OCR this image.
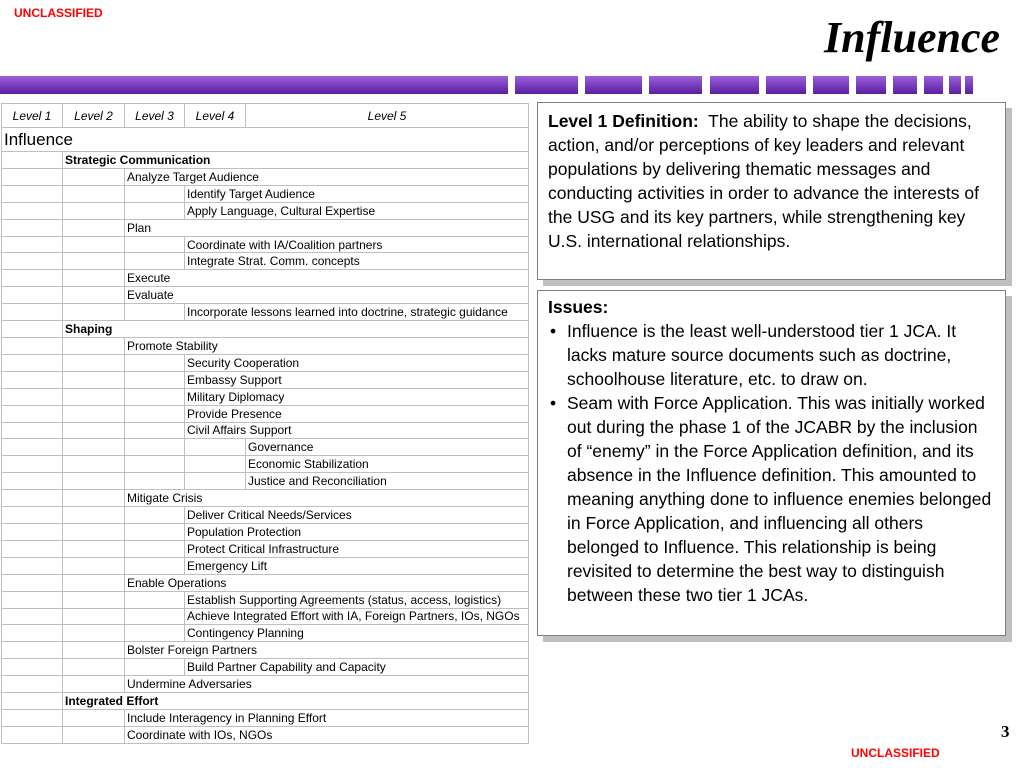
UNCLASSIFIED	Influence
Level 1	Level 2	Level 3	Level 4	Level 5
Influence				
	Strategic Communication			
		Analyze Target Audience		
			Identify Target Audience	
			Apply Language, Cultural Expertise	
		Plan		
			Coordinate with IA/Coalition partners	
			Integrate Strat. Comm. concepts	
		Execute		
		Evaluate		
			Incorporate lessons learned into doctrine, strategic guidance	
	Shaping			
		Promote Stability		
			Security Cooperation	
			Embassy Support	
			Military Diplomacy	
			Provide Presence	
			Civil Affairs Support	
				Governance
				Economic Stabilization
				Justice and Reconciliation
		Mitigate Crisis		
			Deliver Critical Needs/Services	
			Population Protection	
			Protect Critical Infrastructure	
			Emergency Lift	
		Enable Operations		
			Establish Supporting Agreements (status, access, logistics)	
			Achieve Integrated Effort with IA, Foreign Partners, IOs, NGOs	
			Contingency Planning	
		Bolster Foreign Partners		
			Build Partner Capability and Capacity	
		Undermine Adversaries		
	Integrated Effort			
		Include Interagency in Planning Effort		
		Coordinate with IOs, NGOs		
Level 1 Definition: The ability to shape the decisions, action, and/or perceptions of key leaders and relevant populations by delivering thematic messages and conducting activities in order to advance the interests of the USG and its key partners, while strengthening key U.S. international relationships.
Issues:
• Influence is the least well-understood tier 1 JCA. It lacks mature source documents such as doctrine, schoolhouse literature, etc. to draw on.
• Seam with Force Application. This was initially worked out during the phase 1 of the JCABR by the inclusion of “enemy” in the Force Application definition, and its absence in the Influence definition. This amounted to meaning anything done to influence enemies belonged in Force Application, and influencing all others belonged to Influence. This relationship is being revisited to determine the best way to distinguish between these two tier 1 JCAs.
3
UNCLASSIFIED
